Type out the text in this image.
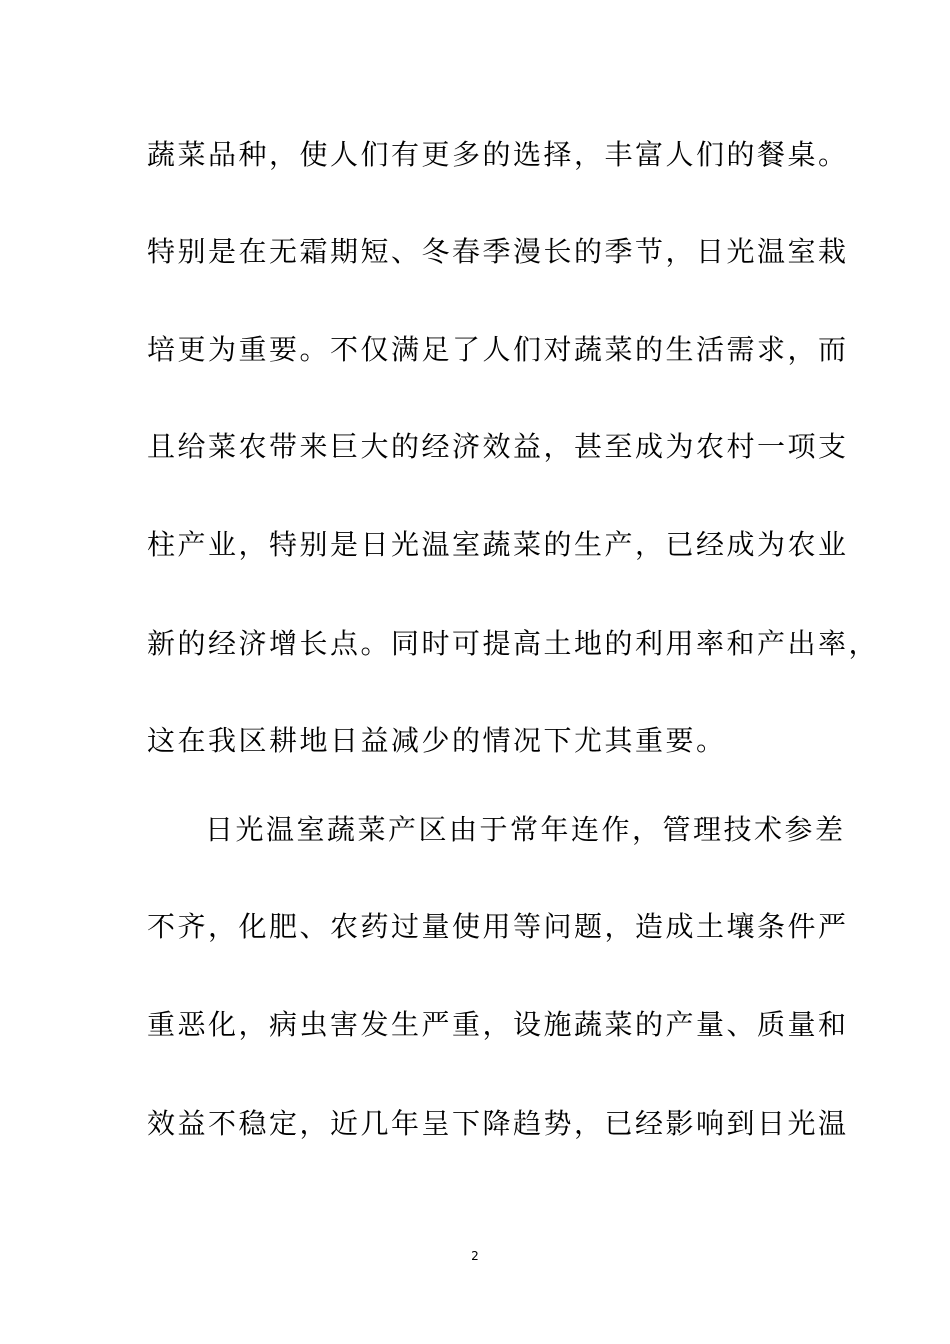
蔬菜品种，使人们有更多的选择，丰富人们的餐桌。
特别是在无霜期短、冬春季漫长的季节，日光温室栽
培更为重要。不仅满足了人们对蔬菜的生活需求，而
且给菜农带来巨大的经济效益，甚至成为农村一项支
柱产业，特别是日光温室蔬菜的生产，已经成为农业
新的经济增长点。同时可提高土地的利用率和产出率，
这在我区耕地日益减少的情况下尤其重要。
日光温室蔬菜产区由于常年连作，管理技术参差
不齐，化肥、农药过量使用等问题，造成土壤条件严
重恶化，病虫害发生严重，设施蔬菜的产量、质量和
效益不稳定，近几年呈下降趋势，已经影响到日光温
2
